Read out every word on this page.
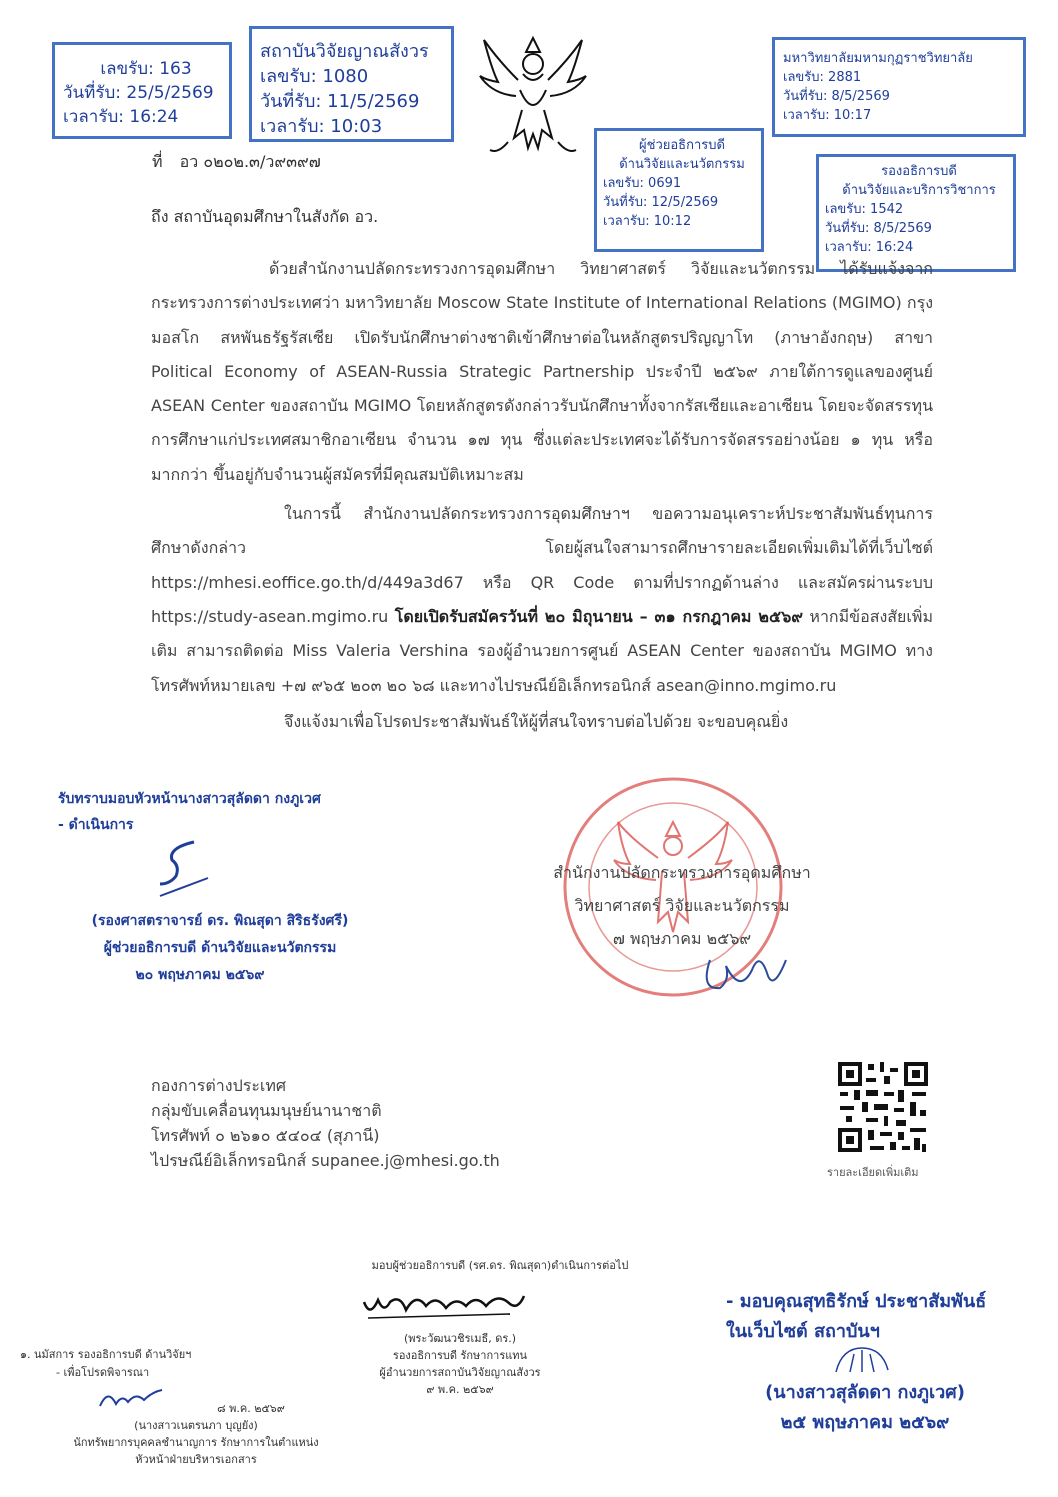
เลขรับ: 163
วันที่รับ: 25/5/2569
เวลารับ: 16:24
สถาบันวิจัยญาณสังวร
เลขรับ: 1080
วันที่รับ: 11/5/2569
เวลารับ: 10:03
มหาวิทยาลัยมหามกุฏราชวิทยาลัย
เลขรับ: 2881
วันที่รับ: 8/5/2569
เวลารับ: 10:17
ผู้ช่วยอธิการบดี
ด้านวิจัยและนวัตกรรม
เลขรับ: 0691
วันที่รับ: 12/5/2569
เวลารับ: 10:12
รองอธิการบดี
ด้านวิจัยและบริการวิชาการ
เลขรับ: 1542
วันที่รับ: 8/5/2569
เวลารับ: 16:24
ที่ อว ๐๒๐๒.๓/ว๙๓๙๗
ถึง สถาบันอุดมศึกษาในสังกัด อว.

ด้วยสำนักงานปลัดกระทรวงการอุดมศึกษา วิทยาศาสตร์ วิจัยและนวัตกรรม ได้รับแจ้งจากกระทรวงการต่างประเทศว่า มหาวิทยาลัย Moscow State Institute of International Relations (MGIMO) กรุงมอสโก สหพันธรัฐรัสเซีย เปิดรับนักศึกษาต่างชาติเข้าศึกษาต่อในหลักสูตรปริญญาโท (ภาษาอังกฤษ) สาขา Political Economy of ASEAN-Russia Strategic Partnership ประจำปี ๒๕๖๙ ภายใต้การดูแลของศูนย์ ASEAN Center ของสถาบัน MGIMO โดยหลักสูตรดังกล่าวรับนักศึกษาทั้งจากรัสเซียและอาเซียน โดยจะจัดสรรทุนการศึกษาแก่ประเทศสมาชิกอาเซียน จำนวน ๑๗ ทุน ซึ่งแต่ละประเทศจะได้รับการจัดสรรอย่างน้อย ๑ ทุน หรือมากกว่า ขึ้นอยู่กับจำนวนผู้สมัครที่มีคุณสมบัติเหมาะสม

ในการนี้ สำนักงานปลัดกระทรวงการอุดมศึกษาฯ ขอความอนุเคราะห์ประชาสัมพันธ์ทุนการศึกษาดังกล่าว โดยผู้สนใจสามารถศึกษารายละเอียดเพิ่มเติมได้ที่เว็บไซต์ https://mhesi.eoffice.go.th/d/449a3d67 หรือ QR Code ตามที่ปรากฏด้านล่าง และสมัครผ่านระบบ https://study-asean.mgimo.ru โดยเปิดรับสมัครวันที่ ๒๐ มิถุนายน – ๓๑ กรกฎาคม ๒๕๖๙ หากมีข้อสงสัยเพิ่มเติม สามารถติดต่อ Miss Valeria Vershina รองผู้อำนวยการศูนย์ ASEAN Center ของสถาบัน MGIMO ทางโทรศัพท์หมายเลข +๗ ๙๖๕ ๒๐๓ ๒๐ ๖๘ และทางไปรษณีย์อิเล็กทรอนิกส์ asean@inno.mgimo.ru

จึงแจ้งมาเพื่อโปรดประชาสัมพันธ์ให้ผู้ที่สนใจทราบต่อไปด้วย จะขอบคุณยิ่ง

รับทราบมอบหัวหน้านางสาวสุลัดดา กงภูเวศ
- ดำเนินการ
(รองศาสตราจารย์ ดร. พิณสุดา สิริธรังศรี)
ผู้ช่วยอธิการบดี ด้านวิจัยและนวัตกรรม
๒๐ พฤษภาคม ๒๕๖๙
สำนักงานปลัดกระทรวงการอุดมศึกษา
วิทยาศาสตร์ วิจัยและนวัตกรรม
๗ พฤษภาคม ๒๕๖๙
กองการต่างประเทศ
กลุ่มขับเคลื่อนทุนมนุษย์นานาชาติ
โทรศัพท์ ๐ ๒๖๑๐ ๕๔๐๔ (สุภานี)
ไปรษณีย์อิเล็กทรอนิกส์ supanee.j@mhesi.go.th
รายละเอียดเพิ่มเติม
มอบผู้ช่วยอธิการบดี (รศ.ดร. พิณสุดา)ดำเนินการต่อไป
(พระวัฒนวชิรเมธี, ดร.)
รองอธิการบดี รักษาการแทน
ผู้อำนวยการสถาบันวิจัยญาณสังวร
๙ พ.ค. ๒๕๖๙
๑. นมัสการ รองอธิการบดี ด้านวิจัยฯ
- เพื่อโปรดพิจารณา
๘ พ.ค. ๒๕๖๙
(นางสาวเนตรนภา บุญยัง)
นักทรัพยากรบุคคลชำนาญการ รักษาการในตำแหน่ง
หัวหน้าฝ่ายบริหารเอกสาร
- มอบคุณสุทธิรักษ์ ประชาสัมพันธ์
ในเว็บไซต์ สถาบันฯ
(นางสาวสุลัดดา กงภูเวศ)
๒๕ พฤษภาคม ๒๕๖๙
